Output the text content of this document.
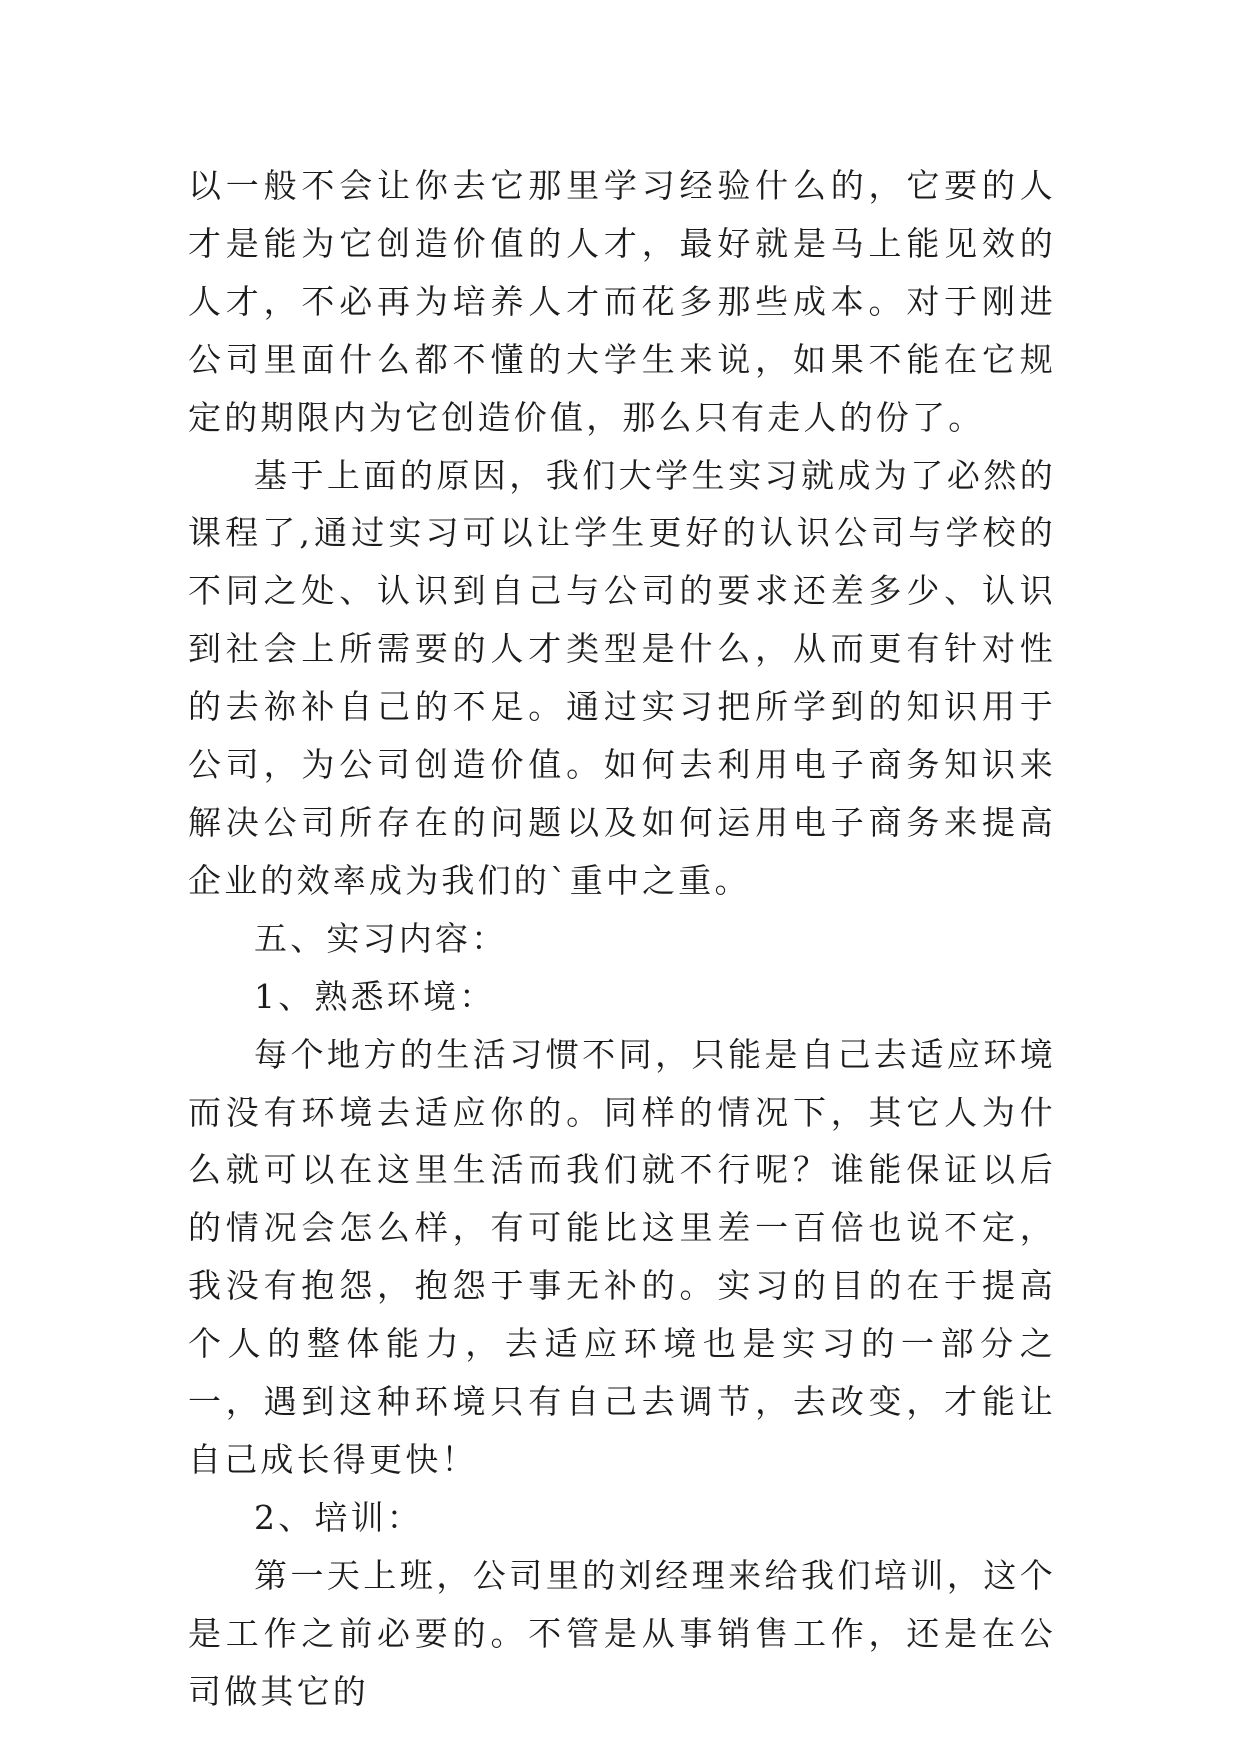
以一般不会让你去它那里学习经验什么的，它要的人才是能为它创造价值的人才，最好就是马上能见效的人才，不必再为培养人才而花多那些成本。对于刚进公司里面什么都不懂的大学生来说，如果不能在它规定的期限内为它创造价值，那么只有走人的份了。

基于上面的原因，我们大学生实习就成为了必然的课程了,通过实习可以让学生更好的认识公司与学校的不同之处、认识到自己与公司的要求还差多少、认识到社会上所需要的人才类型是什么，从而更有针对性的去祢补自己的不足。通过实习把所学到的知识用于公司，为公司创造价值。如何去利用电子商务知识来解决公司所存在的问题以及如何运用电子商务来提高企业的效率成为我们的`重中之重。

五、实习内容：

1、熟悉环境：

每个地方的生活习惯不同，只能是自己去适应环境而没有环境去适应你的。同样的情况下，其它人为什么就可以在这里生活而我们就不行呢？谁能保证以后的情况会怎么样，有可能比这里差一百倍也说不定，我没有抱怨，抱怨于事无补的。实习的目的在于提高个人的整体能力，去适应环境也是实习的一部分之一，遇到这种环境只有自己去调节，去改变，才能让自己成长得更快！

2、培训：

第一天上班，公司里的刘经理来给我们培训，这个是工作之前必要的。不管是从事销售工作，还是在公司做其它的
